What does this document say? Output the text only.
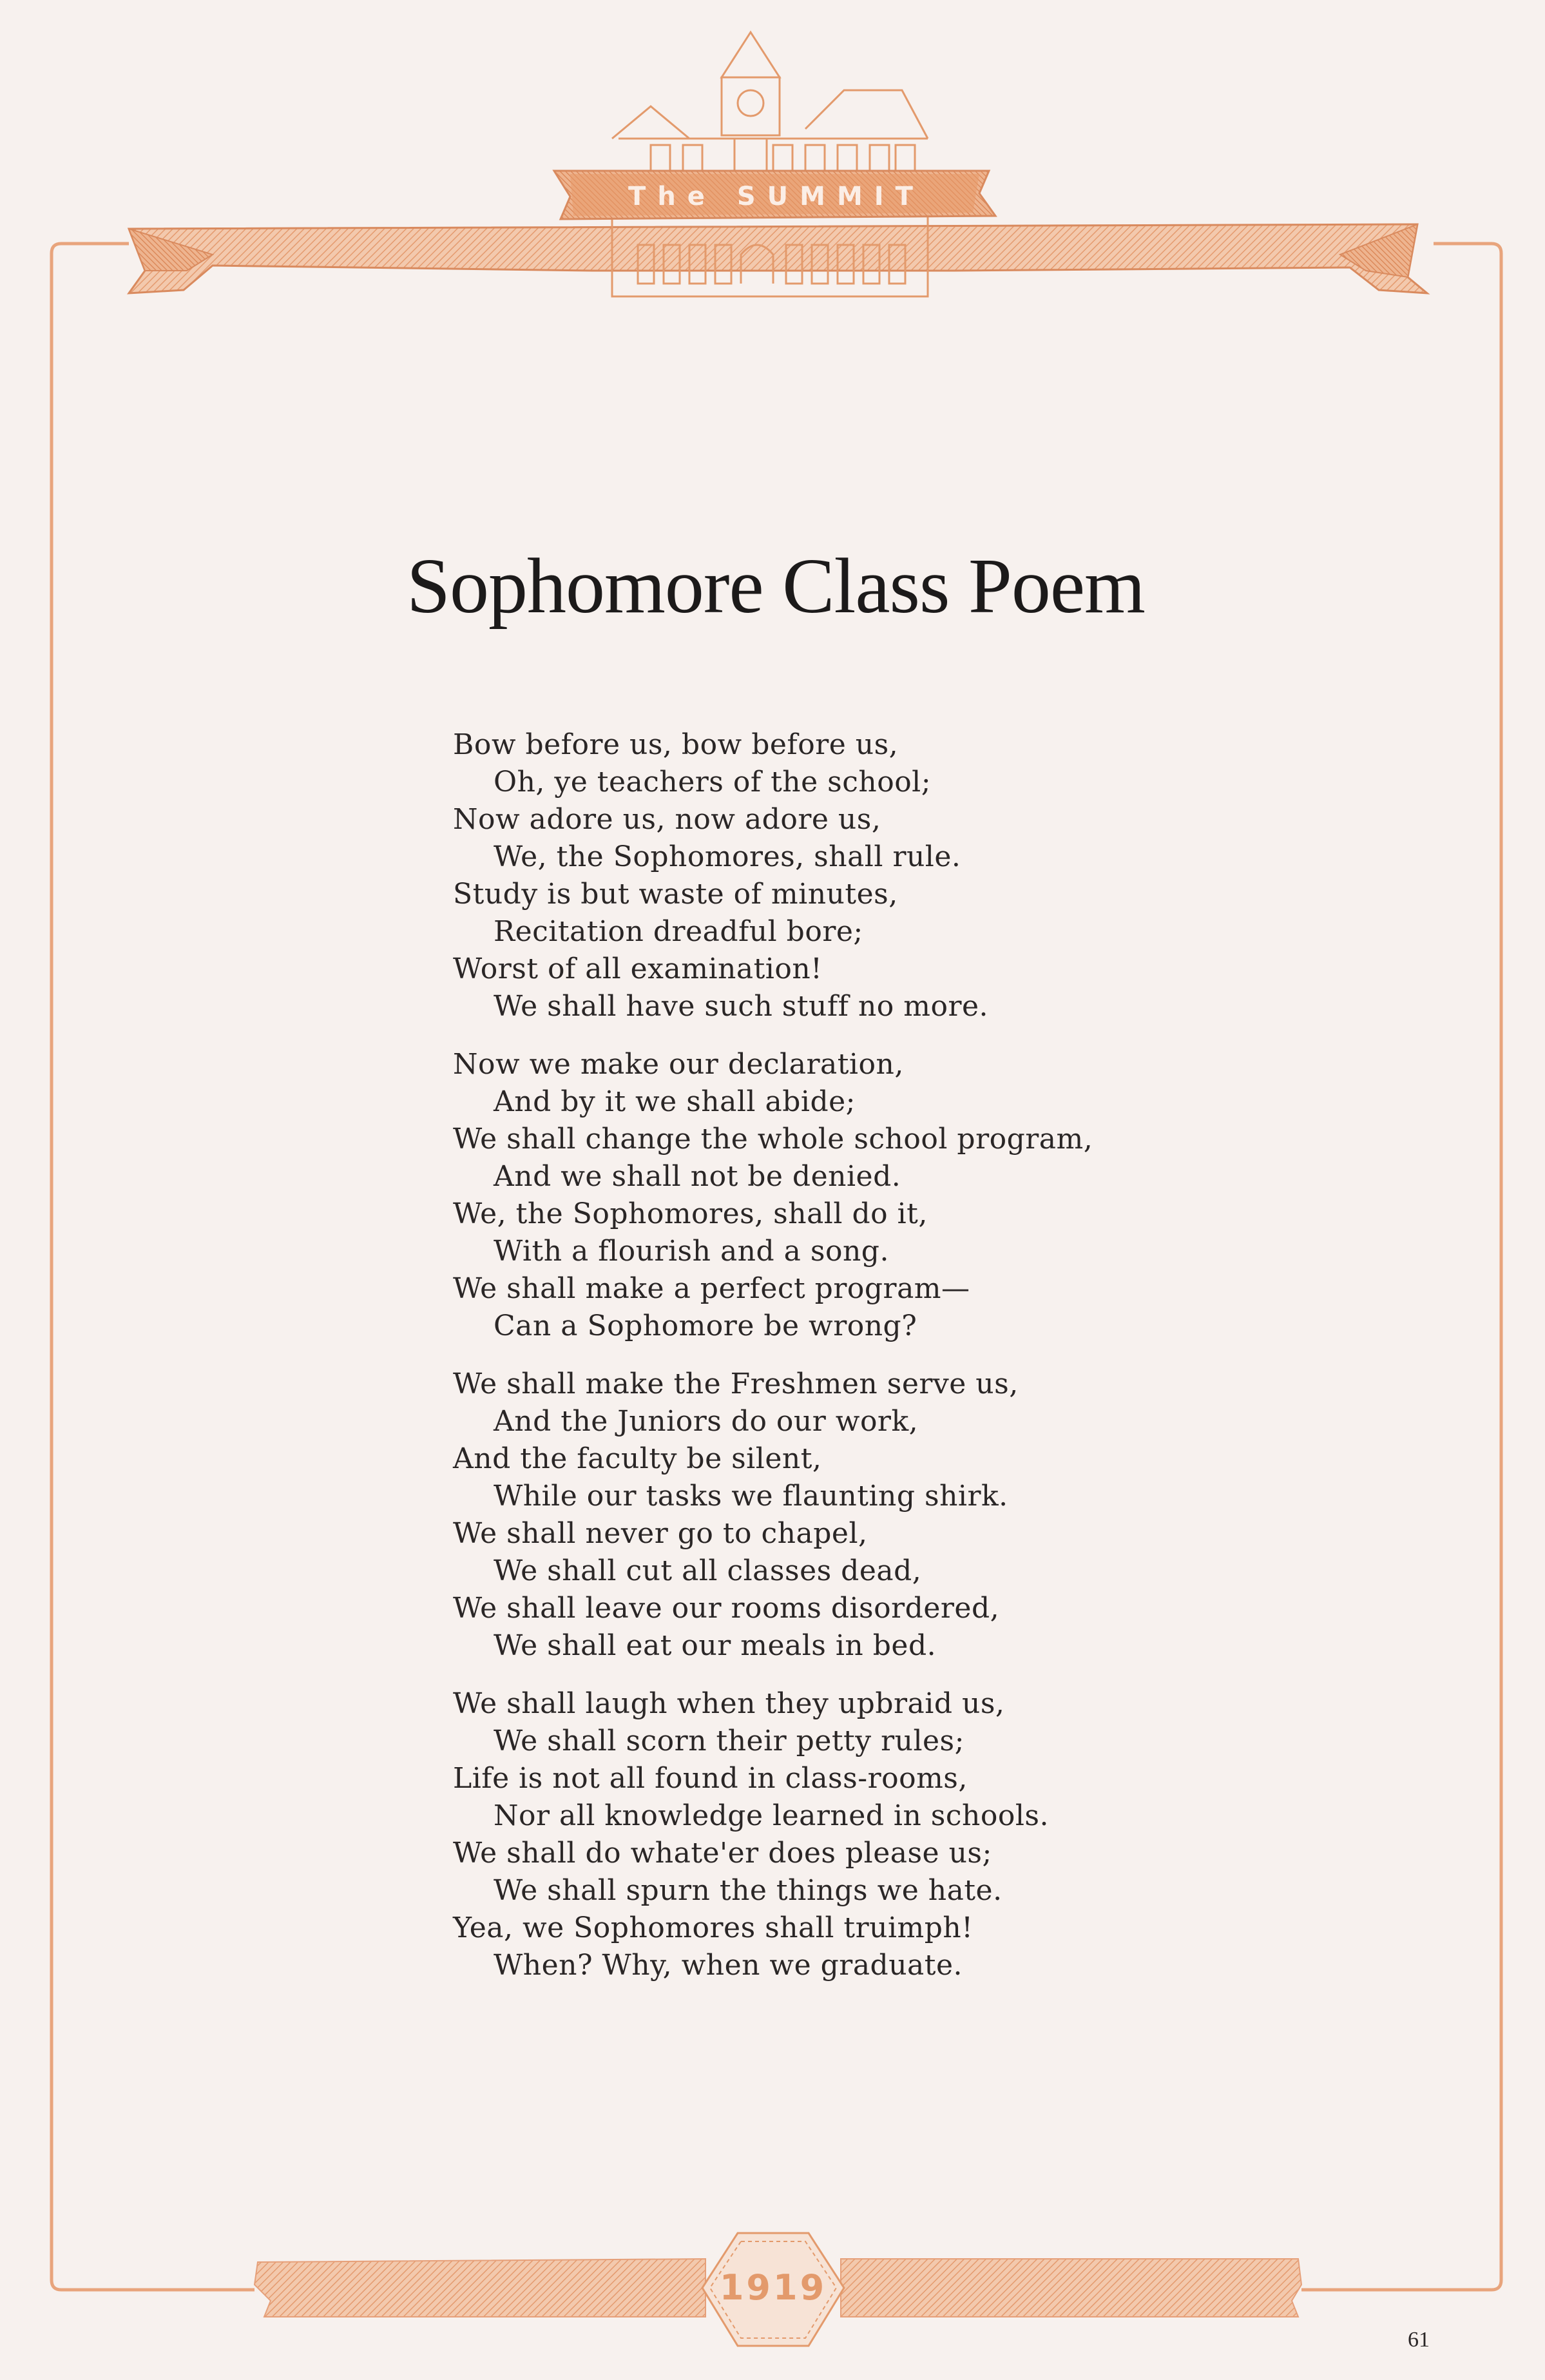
The SUMMIT
1919
Sophomore Class Poem
Bow before us, bow before us,
Oh, ye teachers of the school;
Now adore us, now adore us,
We, the Sophomores, shall rule.
Study is but waste of minutes,
Recitation dreadful bore;
Worst of all examination!
We shall have such stuff no more.
Now we make our declaration,
And by it we shall abide;
We shall change the whole school program,
And we shall not be denied.
We, the Sophomores, shall do it,
With a flourish and a song.
We shall make a perfect program—
Can a Sophomore be wrong?
We shall make the Freshmen serve us,
And the Juniors do our work,
And the faculty be silent,
While our tasks we flaunting shirk.
We shall never go to chapel,
We shall cut all classes dead,
We shall leave our rooms disordered,
We shall eat our meals in bed.
We shall laugh when they upbraid us,
We shall scorn their petty rules;
Life is not all found in class-rooms,
Nor all knowledge learned in schools.
We shall do whate'er does please us;
We shall spurn the things we hate.
Yea, we Sophomores shall truimph!
When? Why, when we graduate.
61
